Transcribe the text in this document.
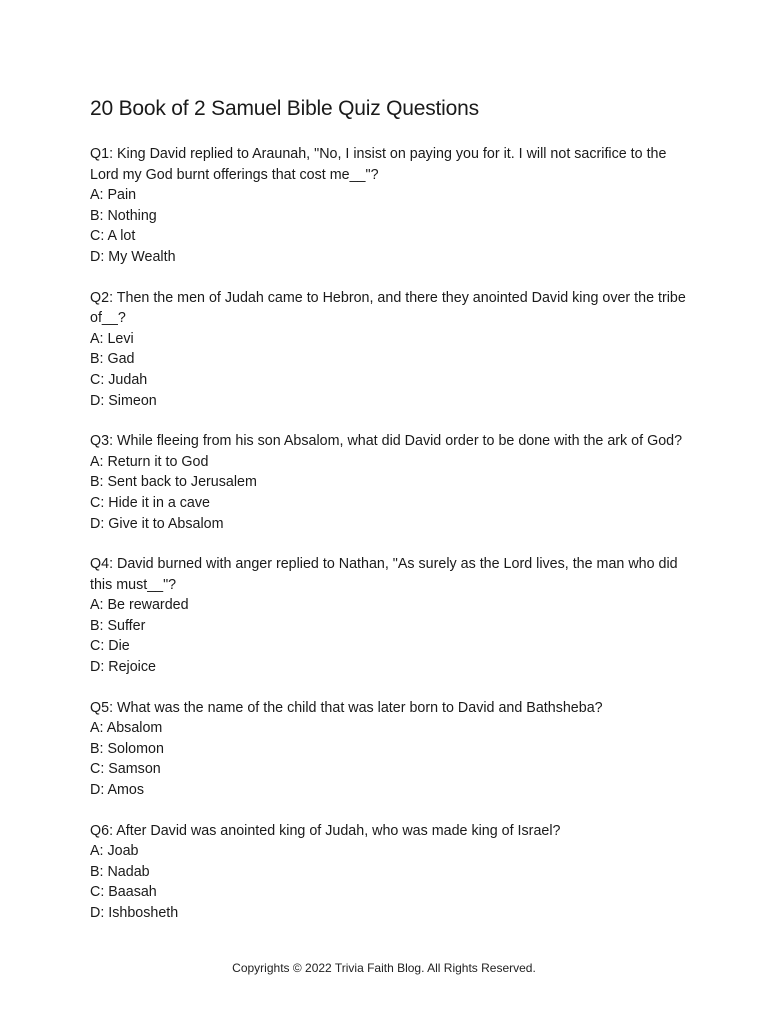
20 Book of 2 Samuel Bible Quiz Questions

Q1: King David replied to Araunah, "No, I insist on paying you for it. I will not sacrifice to the Lord my God burnt offerings that cost me__"?

A: Pain

B: Nothing

C: A lot

D: My Wealth

Q2: Then the men of Judah came to Hebron, and there they anointed David king over the tribe of__?

A: Levi

B: Gad

C: Judah

D: Simeon

Q3: While fleeing from his son Absalom, what did David order to be done with the ark of God?

A: Return it to God

B: Sent back to Jerusalem

C: Hide it in a cave

D: Give it to Absalom

Q4: David burned with anger replied to Nathan, "As surely as the Lord lives, the man who did this must__"?

A: Be rewarded

B: Suffer

C: Die

D: Rejoice

Q5: What was the name of the child that was later born to David and Bathsheba?

A: Absalom

B: Solomon

C: Samson

D: Amos

Q6: After David was anointed king of Judah, who was made king of Israel?

A: Joab

B: Nadab

C: Baasah

D: Ishbosheth

Copyrights © 2022 Trivia Faith Blog. All Rights Reserved.
